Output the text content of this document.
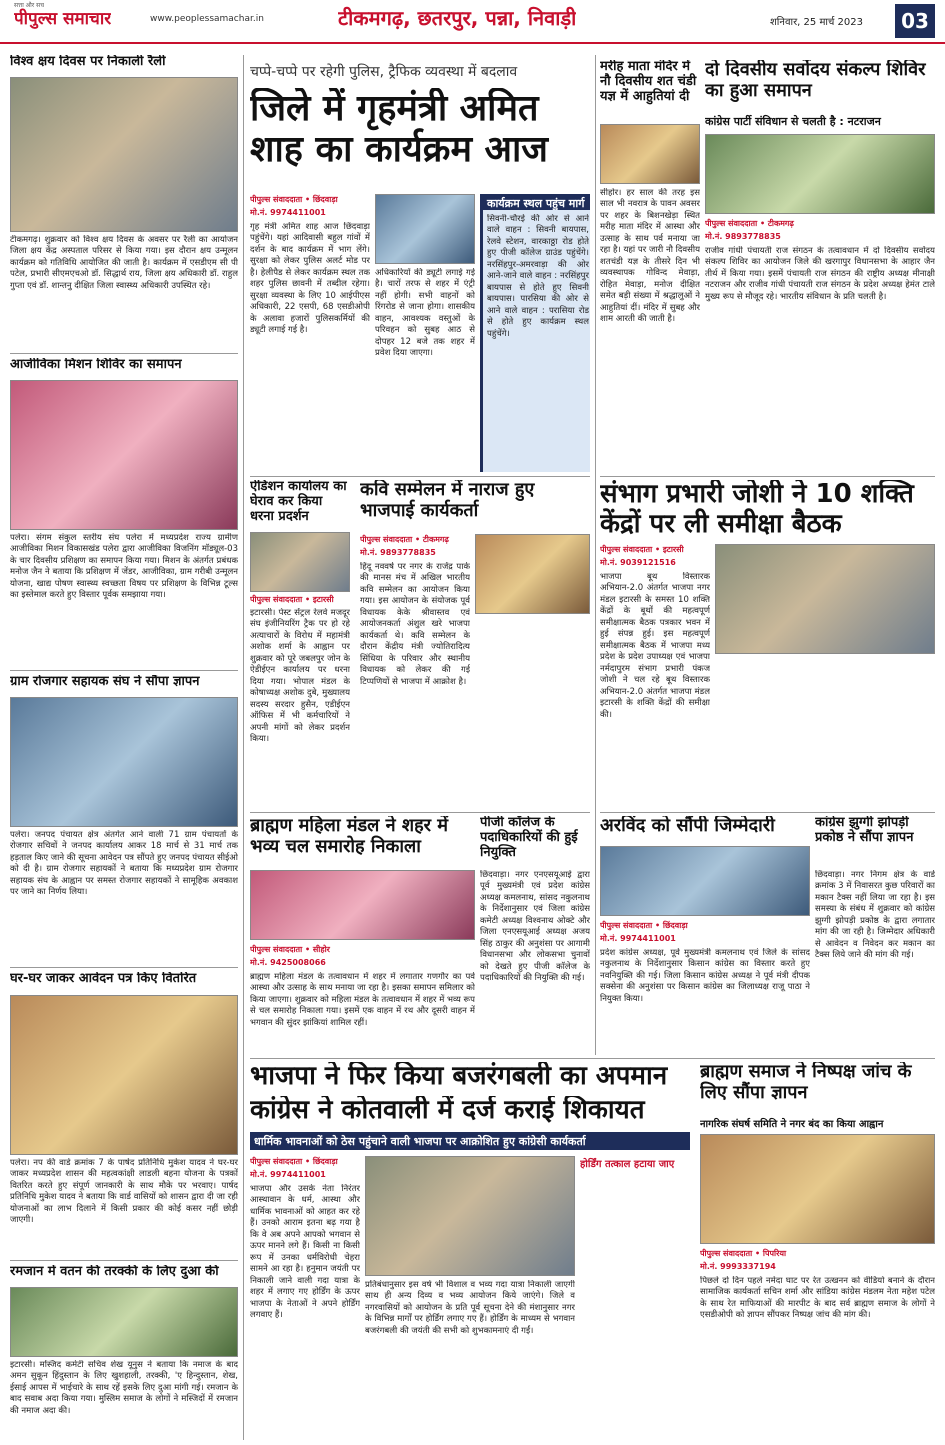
सत्ता और सच
पीपुल्स समाचार	www.peoplessamachar.in	टीकमगढ़, छतरपुर, पन्ना, निवाड़ी	शनिवार, 25 मार्च 2023	03
विश्व क्षय दिवस पर निकाली रैली
टीकमगढ़। शुक्रवार को विश्व क्षय दिवस के अवसर पर रैली का आयोजन जिला क्षय केंद्र अस्पताल परिसर से किया गया। इस दौरान क्षय उन्मूलन कार्यक्रम को गतिविधि आयोजित की जाती है। कार्यक्रम में एसडीएम सी पी पटेल, प्रभारी सीएमएचओ डॉ. सिद्धार्थ राय, जिला क्षय अधिकारी डॉ. राहुल गुप्ता एवं डॉ. शान्तनु दीक्षित जिला स्वास्थ्य अधिकारी उपस्थित रहे।
आजीविका मिशन शिविर का समापन
पलेरा। संगम संकुल स्तरीय संघ पलेरा में मध्यप्रदेश राज्य ग्रामीण आजीविका मिशन विकासखंड पलेरा द्वारा आजीविका विजनिंग मॉड्यूल-03 के चार दिवसीय प्रशिक्षण का समापन किया गया। मिशन के अंतर्गत प्रबंधक मनोज जैन ने बताया कि प्रशिक्षण में जेंडर, आजीविका, ग्राम गरीबी उन्मूलन योजना, खाद्य पोषण स्वास्थ्य स्वच्छता विषय पर प्रशिक्षण के विभिन्न टूल्स का इस्तेमाल करते हुए विस्तार पूर्वक समझाया गया।
ग्राम रोजगार सहायक संघ ने सौंपा ज्ञापन
पलेरा। जनपद पंचायत क्षेत्र अंतर्गत आने वाली 71 ग्राम पंचायतों के रोजगार सचिवों ने जनपद कार्यालय आकर 18 मार्च से 31 मार्च तक हड़ताल किए जाने की सूचना आवेदन पत्र सौंपते हुए जनपद पंचायत सीईओ को दी है। ग्राम रोजगार सहायकों ने बताया कि मध्यप्रदेश ग्राम रोजगार सहायक संघ के आह्वान पर समस्त रोजगार सहायकों ने सामूहिक अवकाश पर जाने का निर्णय लिया।
घर-घर जाकर आवेदन पत्र किए वितरित
पलेरा। नप की वार्ड क्रमांक 7 के पार्षद प्रतिनिधि मुकेश यादव ने घर-घर जाकर मध्यप्रदेश शासन की महत्वकांक्षी लाडली बहना योजना के पत्रकों वितरित करते हुए संपूर्ण जानकारी के साथ मौके पर भरवाए। पार्षद प्रतिनिधि मुकेश यादव ने बताया कि वार्ड वासियों को शासन द्वारा दी जा रही योजनाओं का लाभ दिलाने में किसी प्रकार की कोई कसर नहीं छोड़ी जाएगी।
रमजान में वतन की तरक्की के लिए दुआ की
इटारसी। मस्जिद कमेटी सचिव शेख यूनुस ने बताया कि नमाज के बाद अमन सुकून हिंदुस्तान के लिए खुशहाली, तरक्की, 'ए हिन्दुस्तान, शेख, ईसाई आपस में भाईचारे के साथ रहें इसके लिए दुआ मांगी गई। रमजान के बाद सवाब अदा किया गया। मुस्लिम समाज के लोगों ने मस्जिदों में रमजान की नमाज अदा की।
चप्पे-चप्पे पर रहेगी पुलिस, ट्रैफिक व्यवस्था में बदलाव
जिले में गृहमंत्री अमित शाह का कार्यक्रम आज
पीपुल्स संवाददाता • छिंदवाड़ा
मो.नं. 9974411001
गृह मंत्री अमित शाह आज छिंदवाड़ा पहुंचेंगे। यहां आदिवासी बहुल गांवों में दर्शन के बाद कार्यक्रम में भाग लेंगे। सुरक्षा को लेकर पुलिस अलर्ट मोड पर है। हेलीपैड से लेकर कार्यक्रम स्थल तक शहर पुलिस छावनी में तब्दील रहेगा। सुरक्षा व्यवस्था के लिए 10 आईपीएस अधिकारी, 22 एसपी, 68 एसडीओपी के अलावा हजारों पुलिसकर्मियों की ड्यूटी लगाई गई है।
अधिकारियों की ड्यूटी लगाई गई है। चारों तरफ से शहर में एंट्री नहीं होगी। सभी वाहनों को रिंगरोड से जाना होगा। शासकीय वाहन, आवश्यक वस्तुओं के परिवहन को सुबह आठ से दोपहर 12 बजे तक शहर में प्रवेश दिया जाएगा।
कार्यक्रम स्थल पहुंच मार्ग
सिवनी-चौरई की ओर से आने वाले वाहन : सिवनी बायपास, रेलवे स्टेशन, वारकाठ्ठा रोड होते हुए पीजी कॉलेज ग्राउंड पहुंचेंगे। नरसिंहपुर-अमरवाड़ा की ओर आने-जाने वाले वाहन : नरसिंहपुर बायपास से होते हुए सिवनी बायपास। पारसिया की ओर से आने वाले वाहन : परासिया रोड से होते हुए कार्यक्रम स्थल पहुंचेंगे।
ऐडिशन कार्यालय का घेराव कर किया धरना प्रदर्शन
पीपुल्स संवाददाता • इटारसी
इटारसी। पेस्ट सेंट्रल रेलवे मजदूर संघ इंजीनियरिंग ट्रैक पर हो रहे अत्याचारों के विरोध में महामंत्री अशोक शर्मा के आह्वान पर शुक्रवार को पूरे जबलपुर जोन के ऐडीईएन कार्यालय पर धरना दिया गया। भोपाल मंडल के कोषाध्यक्ष अशोक दुबे, मुख्यालय सदस्य सरदार हुसैन, एडीईएन ऑफिस में भी कर्मचारियों ने अपनी मांगों को लेकर प्रदर्शन किया।
कवि सम्मेलन में नाराज हुए भाजपाई कार्यकर्ता
पीपुल्स संवाददाता • टीकमगढ़
मो.नं. 9893778835
हिंदू नववर्ष पर नगर के राजेंद्र पार्क की मानस मंच में अखिल भारतीय कवि सम्मेलन का आयोजन किया गया। इस आयोजन के संयोजक पूर्व विधायक केके श्रीवास्तव एवं आयोजनकर्ता अंशुल खरे भाजपा कार्यकर्ता थे। कवि सम्मेलन के दौरान केंद्रीय मंत्री ज्योतिरादित्य सिंधिया के परिवार और स्थानीय विधायक को लेकर की गई टिप्पणियों से भाजपा में आक्रोश है।
ब्राह्मण महिला मंडल ने शहर में भव्य चल समारोह निकाला
पीपुल्स संवाददाता • सीहोर
मो.नं. 9425008066
ब्राह्मण महिला मंडल के तत्वावधान में शहर में लगातार गणगौर का पर्व आस्था और उत्साह के साथ मनाया जा रहा है। इसका समापन समिलार को किया जाएगा। शुक्रवार को महिला मंडल के तत्वावधान में शहर में भव्य रूप से चल समारोह निकाला गया। इसमें एक वाहन में रथ और दूसरी वाहन में भगवान की सुंदर झांकियां शामिल रहीं।
पीजी कॉलेज के पदाधिकारियों की हुई नियुक्ति
छिंदवाड़ा। नगर एनएसयूआई द्वारा पूर्व मुख्यमंत्री एवं प्रदेश कांग्रेस अध्यक्ष कमलनाथ, सांसद नकुलनाथ के निर्देशानुसार एवं जिला कांग्रेस कमेटी अध्यक्ष विश्वनाथ ओक्टे और जिला एनएसयूआई अध्यक्ष अजय सिंह ठाकुर की अनुशंसा पर आगामी विधानसभा और लोकसभा चुनावों को देखते हुए पीजी कॉलेज के पदाधिकारियों की नियुक्ति की गई।
मरीह माता मंदिर में नौ दिवसीय शत चंडी यज्ञ में आहुतियां दी
सीहोर। हर साल की तरह इस साल भी नवरात्र के पावन अवसर पर शहर के बिशनखेड़ा स्थित मरीह माता मंदिर में आस्था और उत्साह के साथ पर्व मनाया जा रहा है। यहां पर जारी नौ दिवसीय शतचंडी यज्ञ के तीसरे दिन भी व्यवस्थापक गोविन्द मेवाड़ा, रोहित मेवाड़ा, मनोज दीक्षित समेत बड़ी संख्या में श्रद्धालुओं ने आहुतियां दीं। मंदिर में सुबह और शाम आरती की जाती है।
दो दिवसीय सर्वोदय संकल्प शिविर का हुआ समापन
कांग्रेस पार्टी संविधान से चलती है : नटराजन
पीपुल्स संवाददाता • टीकमगढ़
मो.नं. 9893778835
राजीव गांधी पंचायती राज संगठन के तत्वावधान में दो दिवसीय सर्वोदय संकल्प शिविर का आयोजन जिले की खरगापुर विधानसभा के आहार जैन तीर्थ में किया गया। इसमें पंचायती राज संगठन की राष्ट्रीय अध्यक्ष मीनाक्षी नटराजन और राजीव गांधी पंचायती राज संगठन के प्रदेश अध्यक्ष हेमंत टाले मुख्य रूप से मौजूद रहे। भारतीय संविधान के प्रति चलती है।
संभाग प्रभारी जोशी ने 10 शक्ति केंद्रों पर ली समीक्षा बैठक
पीपुल्स संवाददाता • इटारसी
मो.नं. 9039121516
भाजपा बूथ विस्तारक अभियान-2.0 अंतर्गत भाजपा नगर मंडल इटारसी के समस्त 10 शक्ति केंद्रों के बूथों की महत्वपूर्ण समीक्षात्मक बैठक पत्रकार भवन में हुई संपन्न हुई। इस महत्वपूर्ण समीक्षात्मक बैठक में भाजपा मध्य प्रदेश के प्रदेश उपाध्यक्ष एवं भाजपा नर्मदापुरम संभाग प्रभारी पंकज जोशी ने चल रहे बूथ विस्तारक अभियान-2.0 अंतर्गत भाजपा मंडल इटारसी के शक्ति केंद्रों की समीक्षा की।
अरविंद को सौंपी जिम्मेदारी
पीपुल्स संवाददाता • छिंदवाड़ा
मो.नं. 9974411001
प्रदेश कांग्रेस अध्यक्ष, पूर्व मुख्यमंत्री कमलनाथ एवं जिले के सांसद नकुलनाथ के निर्देशानुसार किसान कांग्रेस का विस्तार करते हुए नवनियुक्ति की गई। जिला किसान कांग्रेस अध्यक्ष ने पूर्व मंत्री दीपक सक्सेना की अनुशंसा पर किसान कांग्रेस का जिलाध्यक्ष राजू पाठा ने नियुक्त किया।
कांग्रेस झुग्गी झोपड़ी प्रकोष्ठ ने सौंपा ज्ञापन
छिंदवाड़ा। नगर निगम क्षेत्र के वार्ड क्रमांक 3 में निवासरत कुछ परिवारों का मकान टैक्स नहीं लिया जा रहा है। इस समस्या के संबंध में शुक्रवार को कांग्रेस झुग्गी झोपड़ी प्रकोष्ठ के द्वारा लगातार मांग की जा रही है। जिम्मेदार अधिकारी से आवेदन व निवेदन कर मकान का टैक्स लिये जाने की मांग की गई।
भाजपा ने फिर किया बजरंगबली का अपमान
कांग्रेस ने कोतवाली में दर्ज कराई शिकायत
धार्मिक भावनाओं को ठेस पहुंचाने वाली भाजपा पर आक्रोशित हुए कांग्रेसी कार्यकर्ता
पीपुल्स संवाददाता • छिंदवाड़ा
मो.नं. 9974411001
भाजपा और उसके नेता निरंतर आस्थावान के धर्म, आस्था और धार्मिक भावनाओं को आहत कर रहे हैं। उनको आराम इतना बढ़ गया है कि वे अब अपने आपको भगवान से ऊपर मानने लगे हैं। किसी ना किसी रूप में उनका धर्मविरोधी चेहरा सामने आ रहा है। हनुमान जयंती पर निकाली जाने वाली गदा यात्रा के शहर में लगाए गए होर्डिंग के ऊपर भाजपा के नेताओं ने अपने होर्डिंग लगवाए हैं।
प्रतिबंधानुसार इस वर्ष भी विशाल व भव्य गदा यात्रा निकाली जाएगी साथ ही अन्य दिव्य व भव्य आयोजन किये जाएंगे। जिले व नगरवासियों को आयोजन के प्रति पूर्व सूचना देने की मंशानुसार नगर के विभिन्न मार्गों पर होर्डिंग लगाए गए हैं। होर्डिंग के माध्यम से भगवान बजरंगबली की जयंती की सभी को शुभकामनाएं दी गईं।
होर्डिंग तत्काल हटाया जाए
ब्राह्मण समाज ने निष्पक्ष जांच के लिए सौंपा ज्ञापन
नागरिक संघर्ष समिति ने नगर बंद का किया आह्वान
पीपुल्स संवाददाता • पिपरिया
मो.नं. 9993337194
पिछले दो दिन पहले नर्मदा घाट पर रेत उत्खनन को वीडियो बनाने के दौरान सामाजिक कार्यकर्ता सचिन शर्मा और सांडिया कांग्रेस मंडलम नेता महेश पटेल के साथ रेत माफियाओं की मारपीट के बाद सर्व ब्राह्मण समाज के लोगों ने एसडीओपी को ज्ञापन सौंपकर निष्पक्ष जांच की मांग की।
